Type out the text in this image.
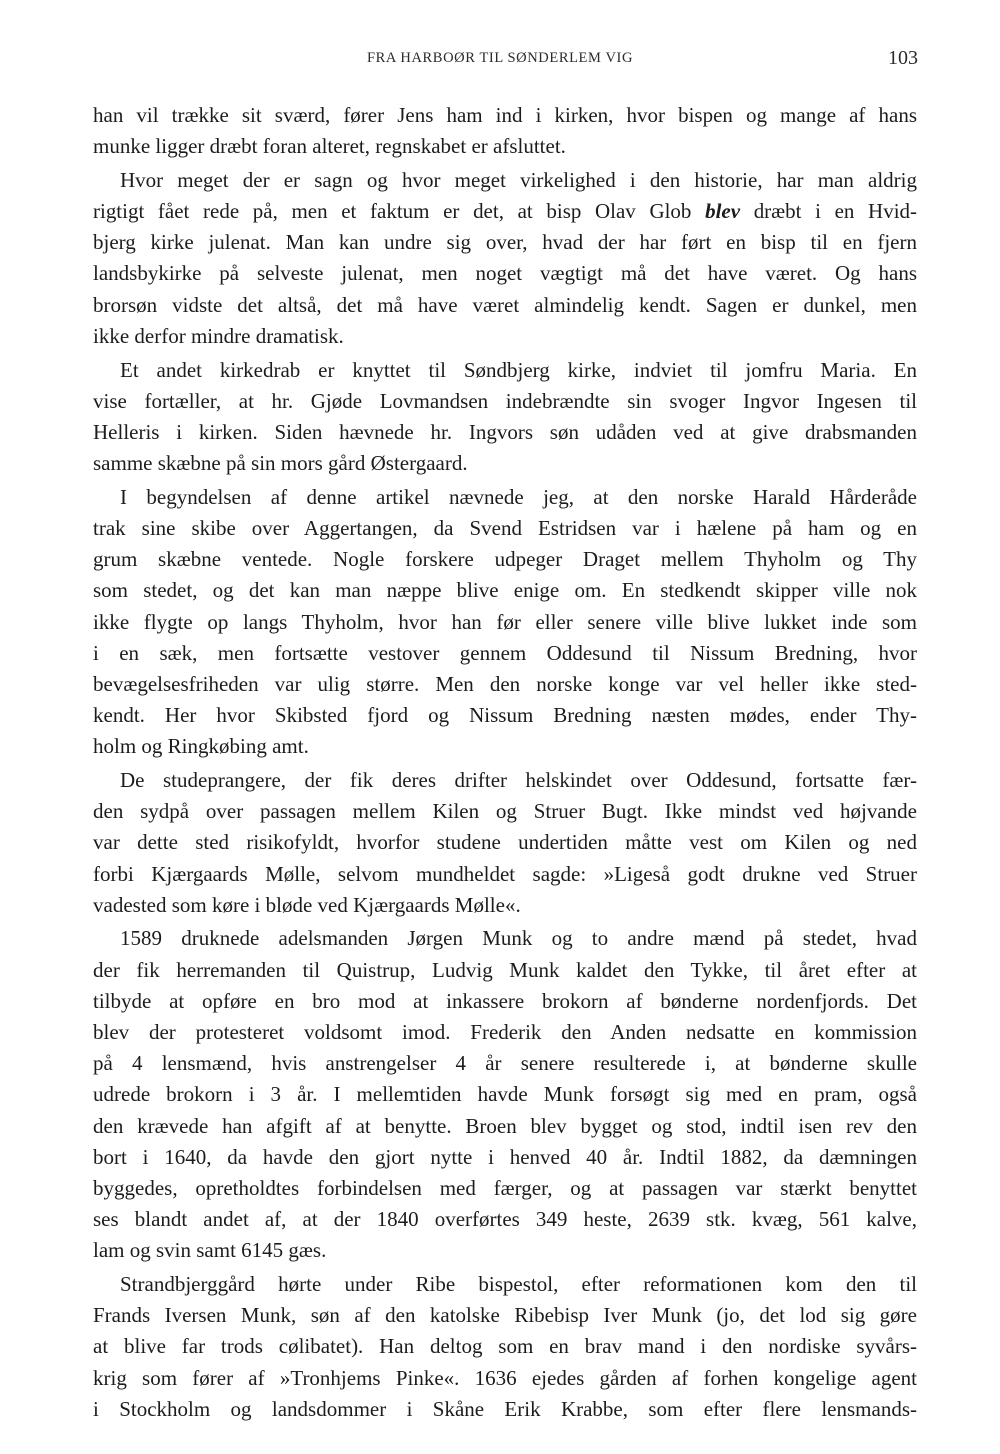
FRA HARBOØR TIL SØNDERLEM VIG	103
han vil trække sit sværd, fører Jens ham ind i kirken, hvor bispen og mange af hans
munke ligger dræbt foran alteret, regnskabet er afsluttet.
Hvor meget der er sagn og hvor meget virkelighed i den historie, har man aldrig
rigtigt fået rede på, men et faktum er det, at bisp Olav Glob blev dræbt i en Hvid-
bjerg kirke julenat. Man kan undre sig over, hvad der har ført en bisp til en fjern
landsbykirke på selveste julenat, men noget vægtigt må det have været. Og hans
brorsøn vidste det altså, det må have været almindelig kendt. Sagen er dunkel, men
ikke derfor mindre dramatisk.
Et andet kirkedrab er knyttet til Søndbjerg kirke, indviet til jomfru Maria. En
vise fortæller, at hr. Gjøde Lovmandsen indebrændte sin svoger Ingvor Ingesen til
Helleris i kirken. Siden hævnede hr. Ingvors søn udåden ved at give drabsmanden
samme skæbne på sin mors gård Østergaard.
I begyndelsen af denne artikel nævnede jeg, at den norske Harald Hårderåde
trak sine skibe over Aggertangen, da Svend Estridsen var i hælene på ham og en
grum skæbne ventede. Nogle forskere udpeger Draget mellem Thyholm og Thy
som stedet, og det kan man næppe blive enige om. En stedkendt skipper ville nok
ikke flygte op langs Thyholm, hvor han før eller senere ville blive lukket inde som
i en sæk, men fortsætte vestover gennem Oddesund til Nissum Bredning, hvor
bevægelsesfriheden var ulig større. Men den norske konge var vel heller ikke sted-
kendt. Her hvor Skibsted fjord og Nissum Bredning næsten mødes, ender Thy-
holm og Ringkøbing amt.
De studeprangere, der fik deres drifter helskindet over Oddesund, fortsatte fær-
den sydpå over passagen mellem Kilen og Struer Bugt. Ikke mindst ved højvande
var dette sted risikofyldt, hvorfor studene undertiden måtte vest om Kilen og ned
forbi Kjærgaards Mølle, selvom mundheldet sagde: »Ligeså godt drukne ved Struer
vadested som køre i bløde ved Kjærgaards Mølle«.
1589 druknede adelsmanden Jørgen Munk og to andre mænd på stedet, hvad
der fik herremanden til Quistrup, Ludvig Munk kaldet den Tykke, til året efter at
tilbyde at opføre en bro mod at inkassere brokorn af bønderne nordenfjords. Det
blev der protesteret voldsomt imod. Frederik den Anden nedsatte en kommission
på 4 lensmænd, hvis anstrengelser 4 år senere resulterede i, at bønderne skulle
udrede brokorn i 3 år. I mellemtiden havde Munk forsøgt sig med en pram, også
den krævede han afgift af at benytte. Broen blev bygget og stod, indtil isen rev den
bort i 1640, da havde den gjort nytte i henved 40 år. Indtil 1882, da dæmningen
byggedes, opretholdtes forbindelsen med færger, og at passagen var stærkt benyttet
ses blandt andet af, at der 1840 overførtes 349 heste, 2639 stk. kvæg, 561 kalve,
lam og svin samt 6145 gæs.
Strandbjerggård hørte under Ribe bispestol, efter reformationen kom den til
Frands Iversen Munk, søn af den katolske Ribebisp Iver Munk (jo, det lod sig gøre
at blive far trods cølibatet). Han deltog som en brav mand i den nordiske syvårs-
krig som fører af »Tronhjems Pinke«. 1636 ejedes gården af forhen kongelige agent
i Stockholm og landsdommer i Skåne Erik Krabbe, som efter flere lensmands-
